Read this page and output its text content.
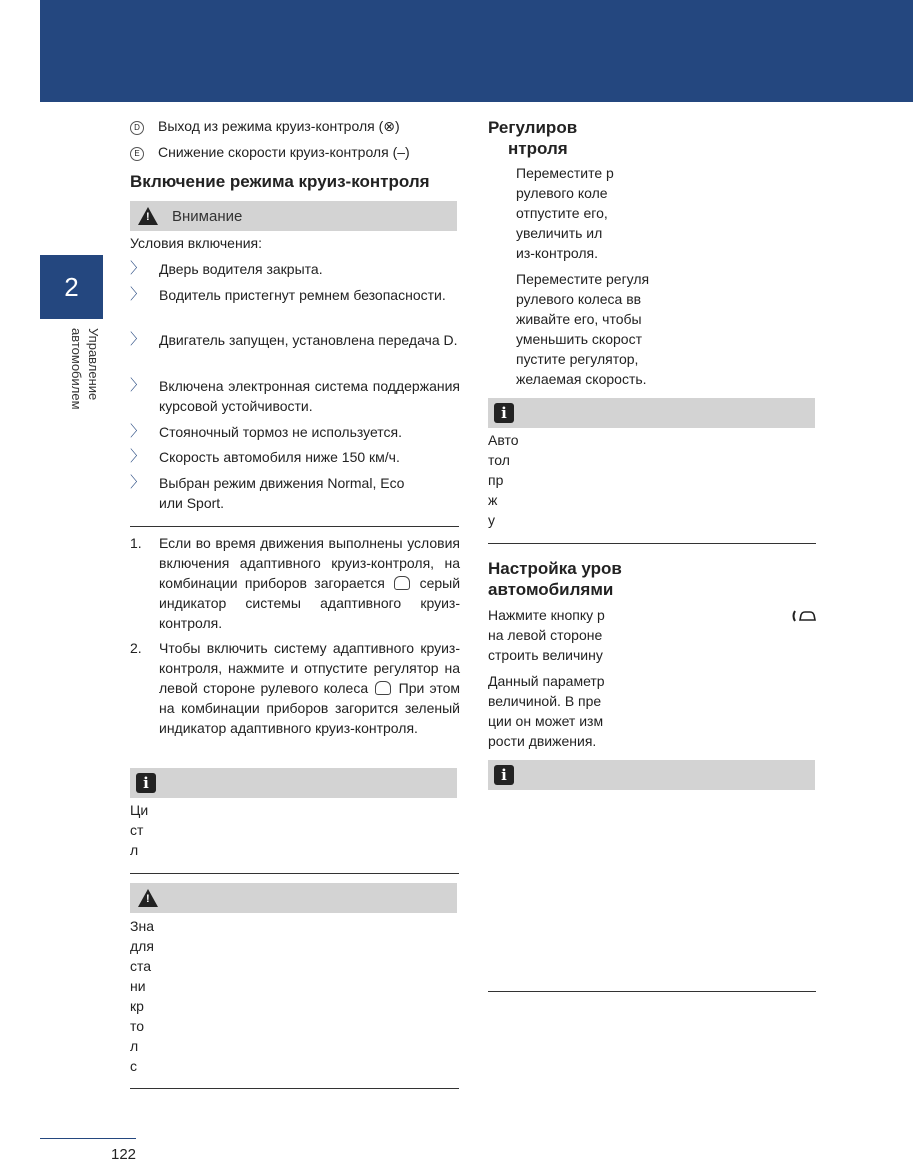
2
Управление
автомобилем
D Выход из режима круиз-контроля (⊗)
E Снижение скорости круиз-контроля (–)
Включение режима круиз-контроля
!
Внимание
Условия включения:
〉 Дверь водителя закрыта.
〉 Водитель пристегнут ремнем безопасности.
〉 Двигатель запущен, установлена передача D.
〉 Включена электронная система поддержания курсовой устойчивости.
〉 Стояночный тормоз не используется.
〉 Скорость автомобиля ниже 150 км/ч.
〉 Выбран режим движения Normal, Eco или Sport.
1. Если во время движения выполнены условия включения адаптивного круиз-контроля, на комбинации приборов загорается серый индикатор системы адаптивного круиз-контроля.
2. Чтобы включить систему адаптивного круиз-контроля, нажмите и отпустите регулятор на левой стороне рулевого колеса При этом на комбинации приборов загорится зеленый индикатор адаптивного круиз-контроля.
i
Ци
ст
л
!
Зна
для
ста
ни
кр
то
л
с
Регулиров
нтроля
Переместите р
рулевого коле
отпустите его,
увеличить ил
из-контроля.
Переместите регуля
рулевого колеса вв
живайте его, чтобы
уменьшить скорост
пустите регулятор,
желаемая скорость.
i
Авто
тол
пр
ж
у
Настройка уров
автомобилями
Нажмите кнопку р
на левой стороне
строить величину
Данный параметр
величиной. В пре
ции он может изм
рости движения.
i
122
